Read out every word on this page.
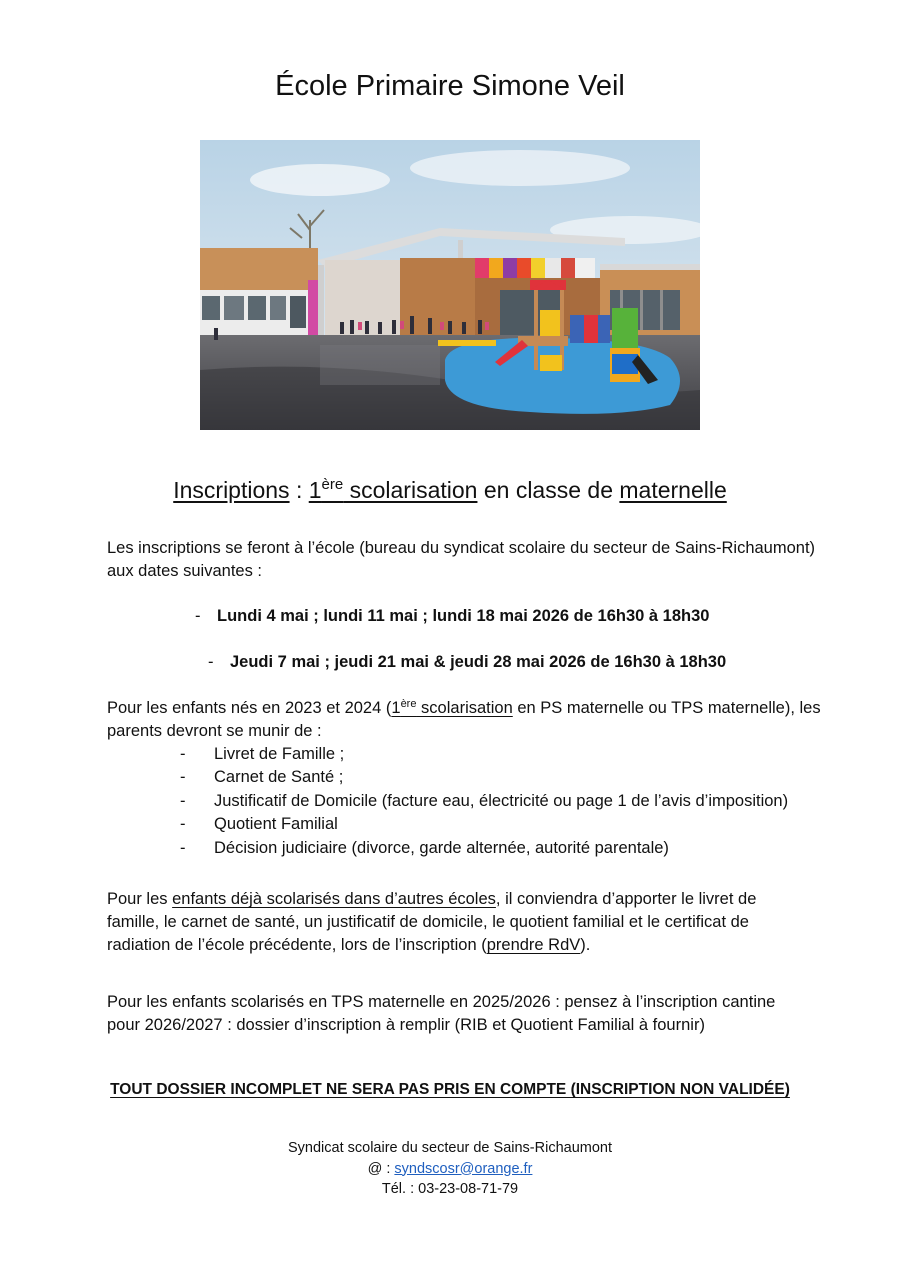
École Primaire Simone Veil
Inscriptions : 1ère scolarisation en classe de maternelle
Les inscriptions se feront à l’école (bureau du syndicat scolaire du secteur de Sains-Richaumont) aux dates suivantes :
- Lundi 4 mai ; lundi 11 mai ; lundi 18 mai 2026 de 16h30 à 18h30
- Jeudi 7 mai ; jeudi 21 mai & jeudi 28 mai 2026 de 16h30 à 18h30
Pour les enfants nés en 2023 et 2024 (1ère scolarisation en PS maternelle ou TPS maternelle), les parents devront se munir de :
-	Livret de Famille ;
-	Carnet de Santé ;
-	Justificatif de Domicile (facture eau, électricité ou page 1 de l’avis d’imposition)
-	Quotient Familial
-	Décision judiciaire (divorce, garde alternée, autorité parentale)
Pour les enfants déjà scolarisés dans d’autres écoles, il conviendra d’apporter le livret de famille, le carnet de santé, un justificatif de domicile, le quotient familial et le certificat de radiation de l’école précédente, lors de l’inscription (prendre RdV).
Pour les enfants scolarisés en TPS maternelle en 2025/2026 : pensez à l’inscription cantine pour 2026/2027 : dossier d’inscription à remplir (RIB et Quotient Familial à fournir)
TOUT DOSSIER INCOMPLET NE SERA PAS PRIS EN COMPTE (INSCRIPTION NON VALIDÉE)
Syndicat scolaire du secteur de Sains-Richaumont
@ : syndscosr@orange.fr
Tél. : 03-23-08-71-79
